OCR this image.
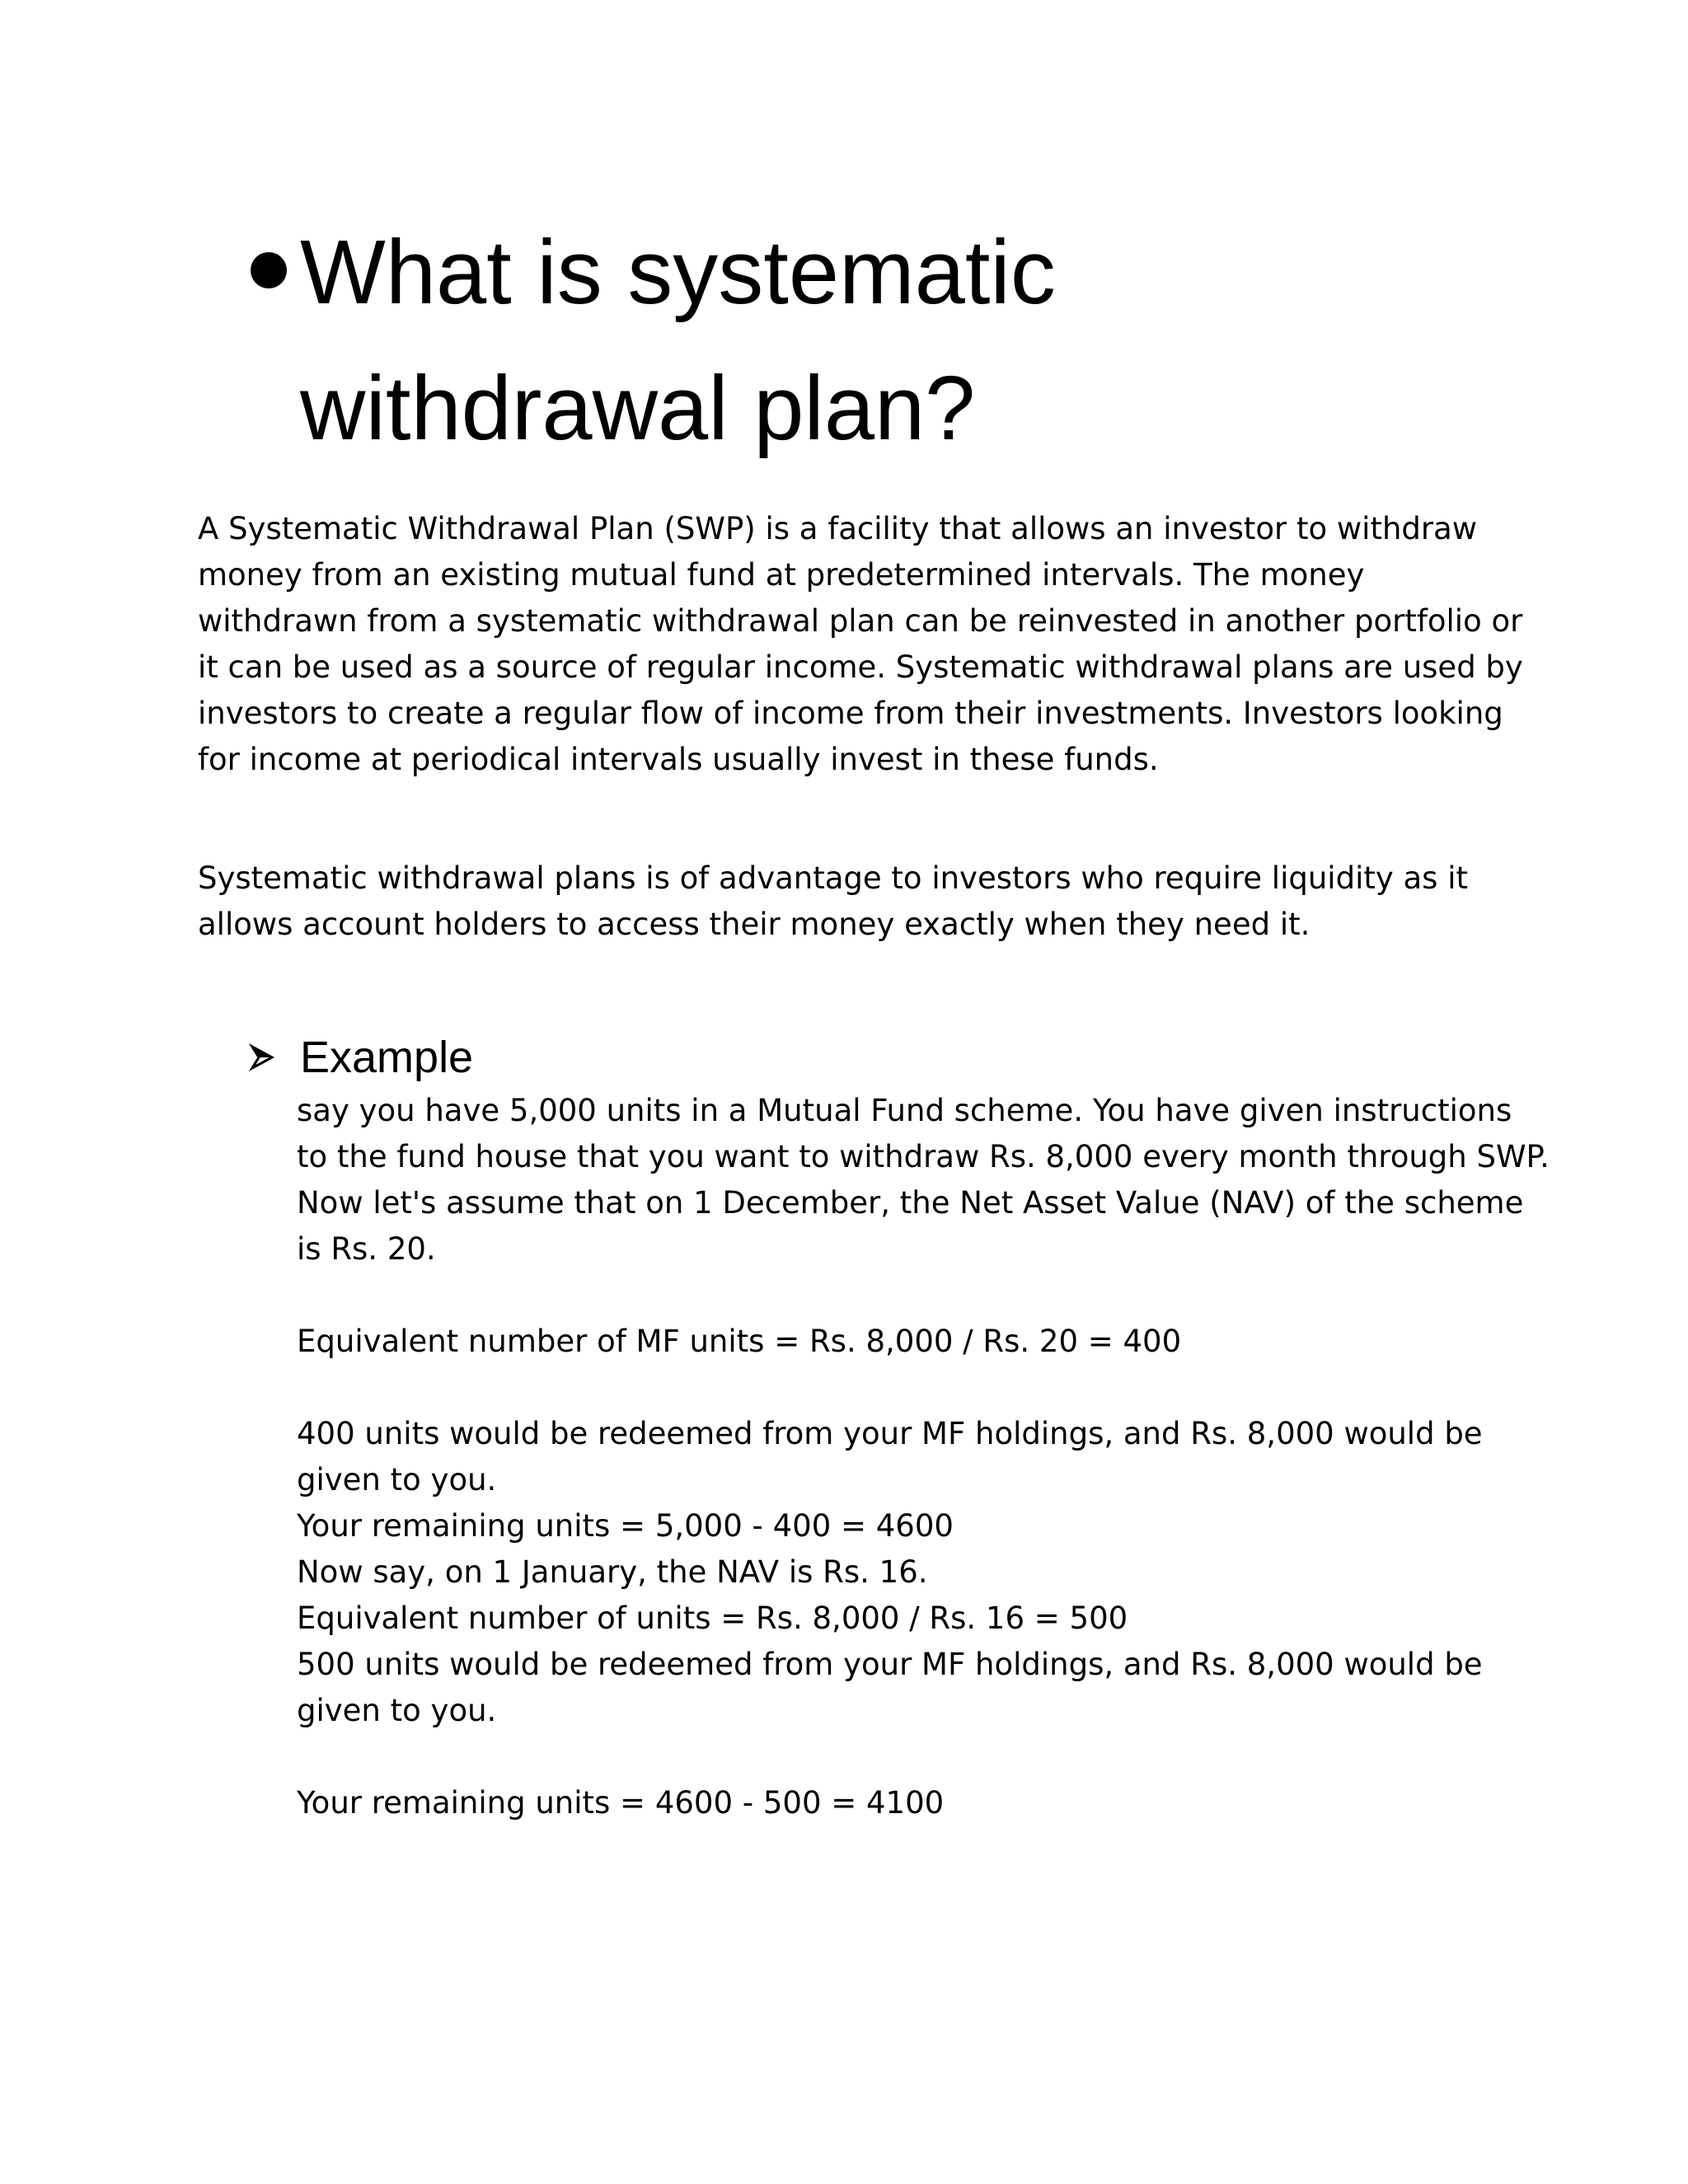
What is systematic withdrawal plan?

A Systematic Withdrawal Plan (SWP) is a facility that allows an investor to withdraw money from an existing mutual fund at predetermined intervals. The money withdrawn from a systematic withdrawal plan can be reinvested in another portfolio or it can be used as a source of regular income. Systematic withdrawal plans are used by investors to create a regular flow of income from their investments. Investors looking for income at periodical intervals usually invest in these funds.

Systematic withdrawal plans is of advantage to investors who require liquidity as it allows account holders to access their money exactly when they need it.

Example
say you have 5,000 units in a Mutual Fund scheme. You have given instructions to the fund house that you want to withdraw Rs. 8,000 every month through SWP. Now let's assume that on 1 December, the Net Asset Value (NAV) of the scheme is Rs. 20.
Equivalent number of MF units = Rs. 8,000 / Rs. 20 = 400
400 units would be redeemed from your MF holdings, and Rs. 8,000 would be given to you.
Your remaining units = 5,000 - 400 = 4600
Now say, on 1 January, the NAV is Rs. 16.
Equivalent number of units = Rs. 8,000 / Rs. 16 = 500
500 units would be redeemed from your MF holdings, and Rs. 8,000 would be given to you.
Your remaining units = 4600 - 500 = 4100
